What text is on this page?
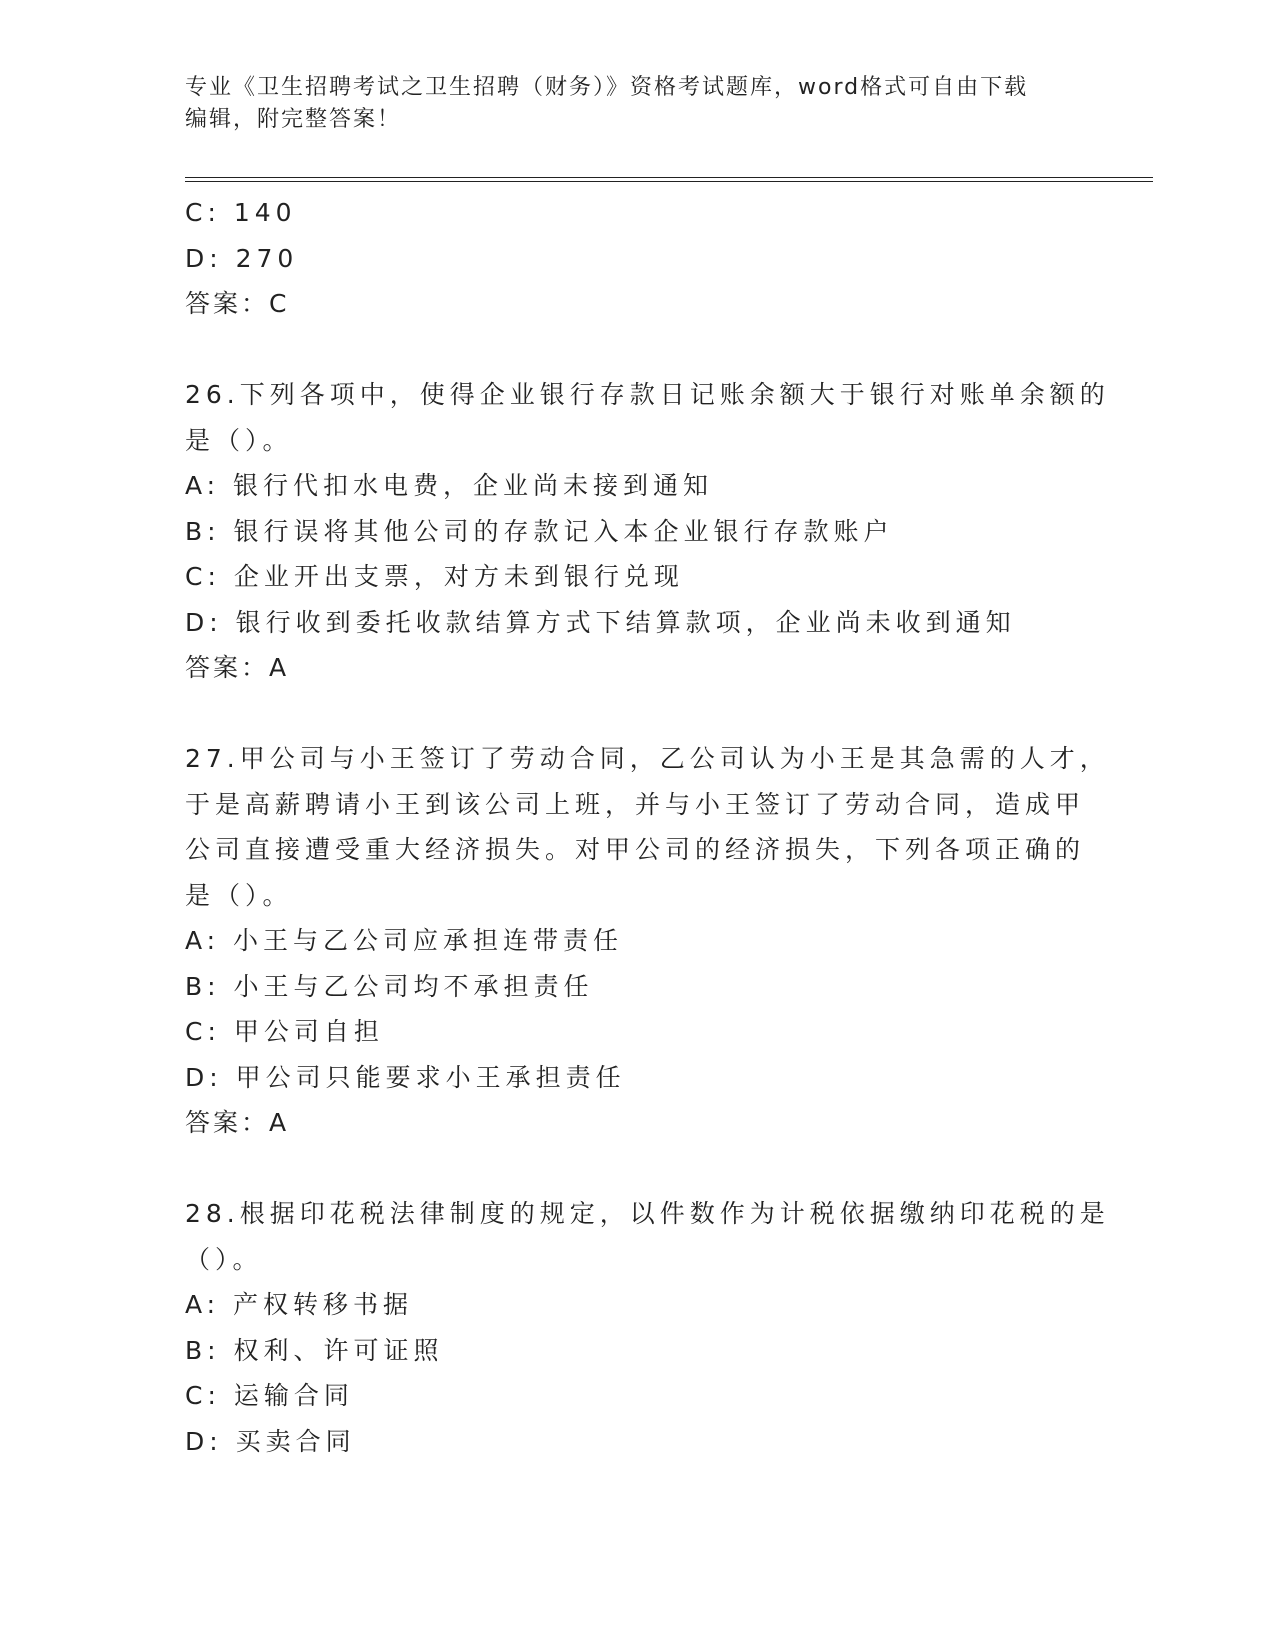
专业《卫生招聘考试之卫生招聘（财务）》资格考试题库，word格式可自由下载
编辑，附完整答案！
C: 140
D: 270
答案：C
26.下列各项中，使得企业银行存款日记账余额大于银行对账单余额的
是（）。
A: 银行代扣水电费，企业尚未接到通知
B: 银行误将其他公司的存款记入本企业银行存款账户
C: 企业开出支票，对方未到银行兑现
D: 银行收到委托收款结算方式下结算款项，企业尚未收到通知
答案：A
27.甲公司与小王签订了劳动合同，乙公司认为小王是其急需的人才，
于是高薪聘请小王到该公司上班，并与小王签订了劳动合同，造成甲
公司直接遭受重大经济损失。对甲公司的经济损失，下列各项正确的
是（）。
A: 小王与乙公司应承担连带责任
B: 小王与乙公司均不承担责任
C: 甲公司自担
D: 甲公司只能要求小王承担责任
答案：A
28.根据印花税法律制度的规定，以件数作为计税依据缴纳印花税的是
（）。
A: 产权转移书据
B: 权利、许可证照
C: 运输合同
D: 买卖合同
